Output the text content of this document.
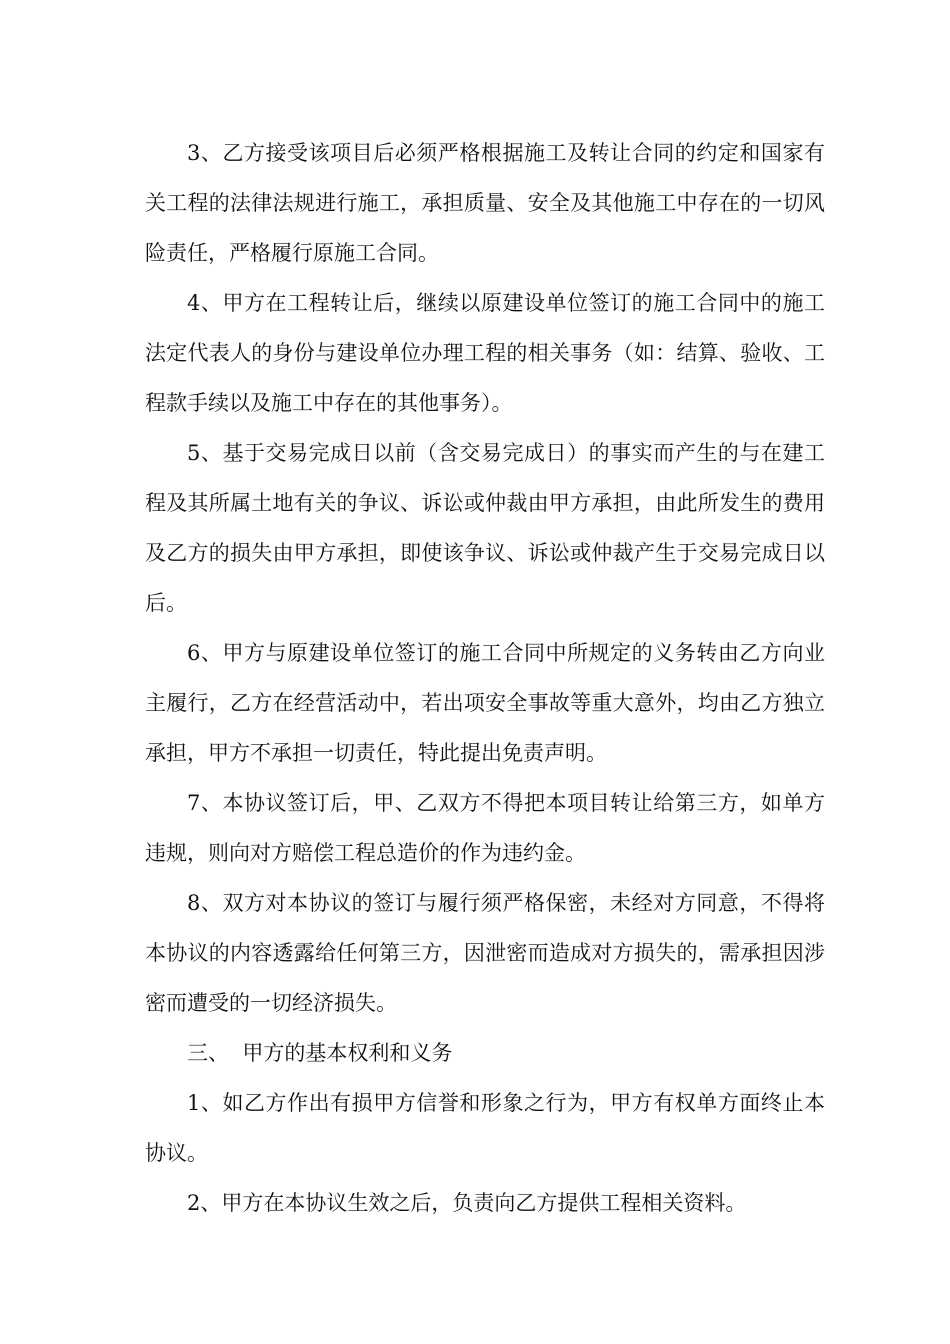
3、乙方接受该项目后必须严格根据施工及转让合同的约定和国家有关工程的法律法规进行施工，承担质量、安全及其他施工中存在的一切风险责任，严格履行原施工合同。

4、甲方在工程转让后，继续以原建设单位签订的施工合同中的施工法定代表人的身份与建设单位办理工程的相关事务（如：结算、验收、工程款手续以及施工中存在的其他事务）。

5、基于交易完成日以前（含交易完成日）的事实而产生的与在建工程及其所属土地有关的争议、诉讼或仲裁由甲方承担，由此所发生的费用及乙方的损失由甲方承担，即使该争议、诉讼或仲裁产生于交易完成日以后。

6、甲方与原建设单位签订的施工合同中所规定的义务转由乙方向业主履行，乙方在经营活动中，若出项安全事故等重大意外，均由乙方独立承担，甲方不承担一切责任，特此提出免责声明。

7、本协议签订后，甲、乙双方不得把本项目转让给第三方，如单方违规，则向对方赔偿工程总造价的作为违约金。

8、双方对本协议的签订与履行须严格保密，未经对方同意，不得将本协议的内容透露给任何第三方，因泄密而造成对方损失的，需承担因涉密而遭受的一切经济损失。

三、  甲方的基本权利和义务

1、如乙方作出有损甲方信誉和形象之行为，甲方有权单方面终止本协议。

2、甲方在本协议生效之后，负责向乙方提供工程相关资料。
